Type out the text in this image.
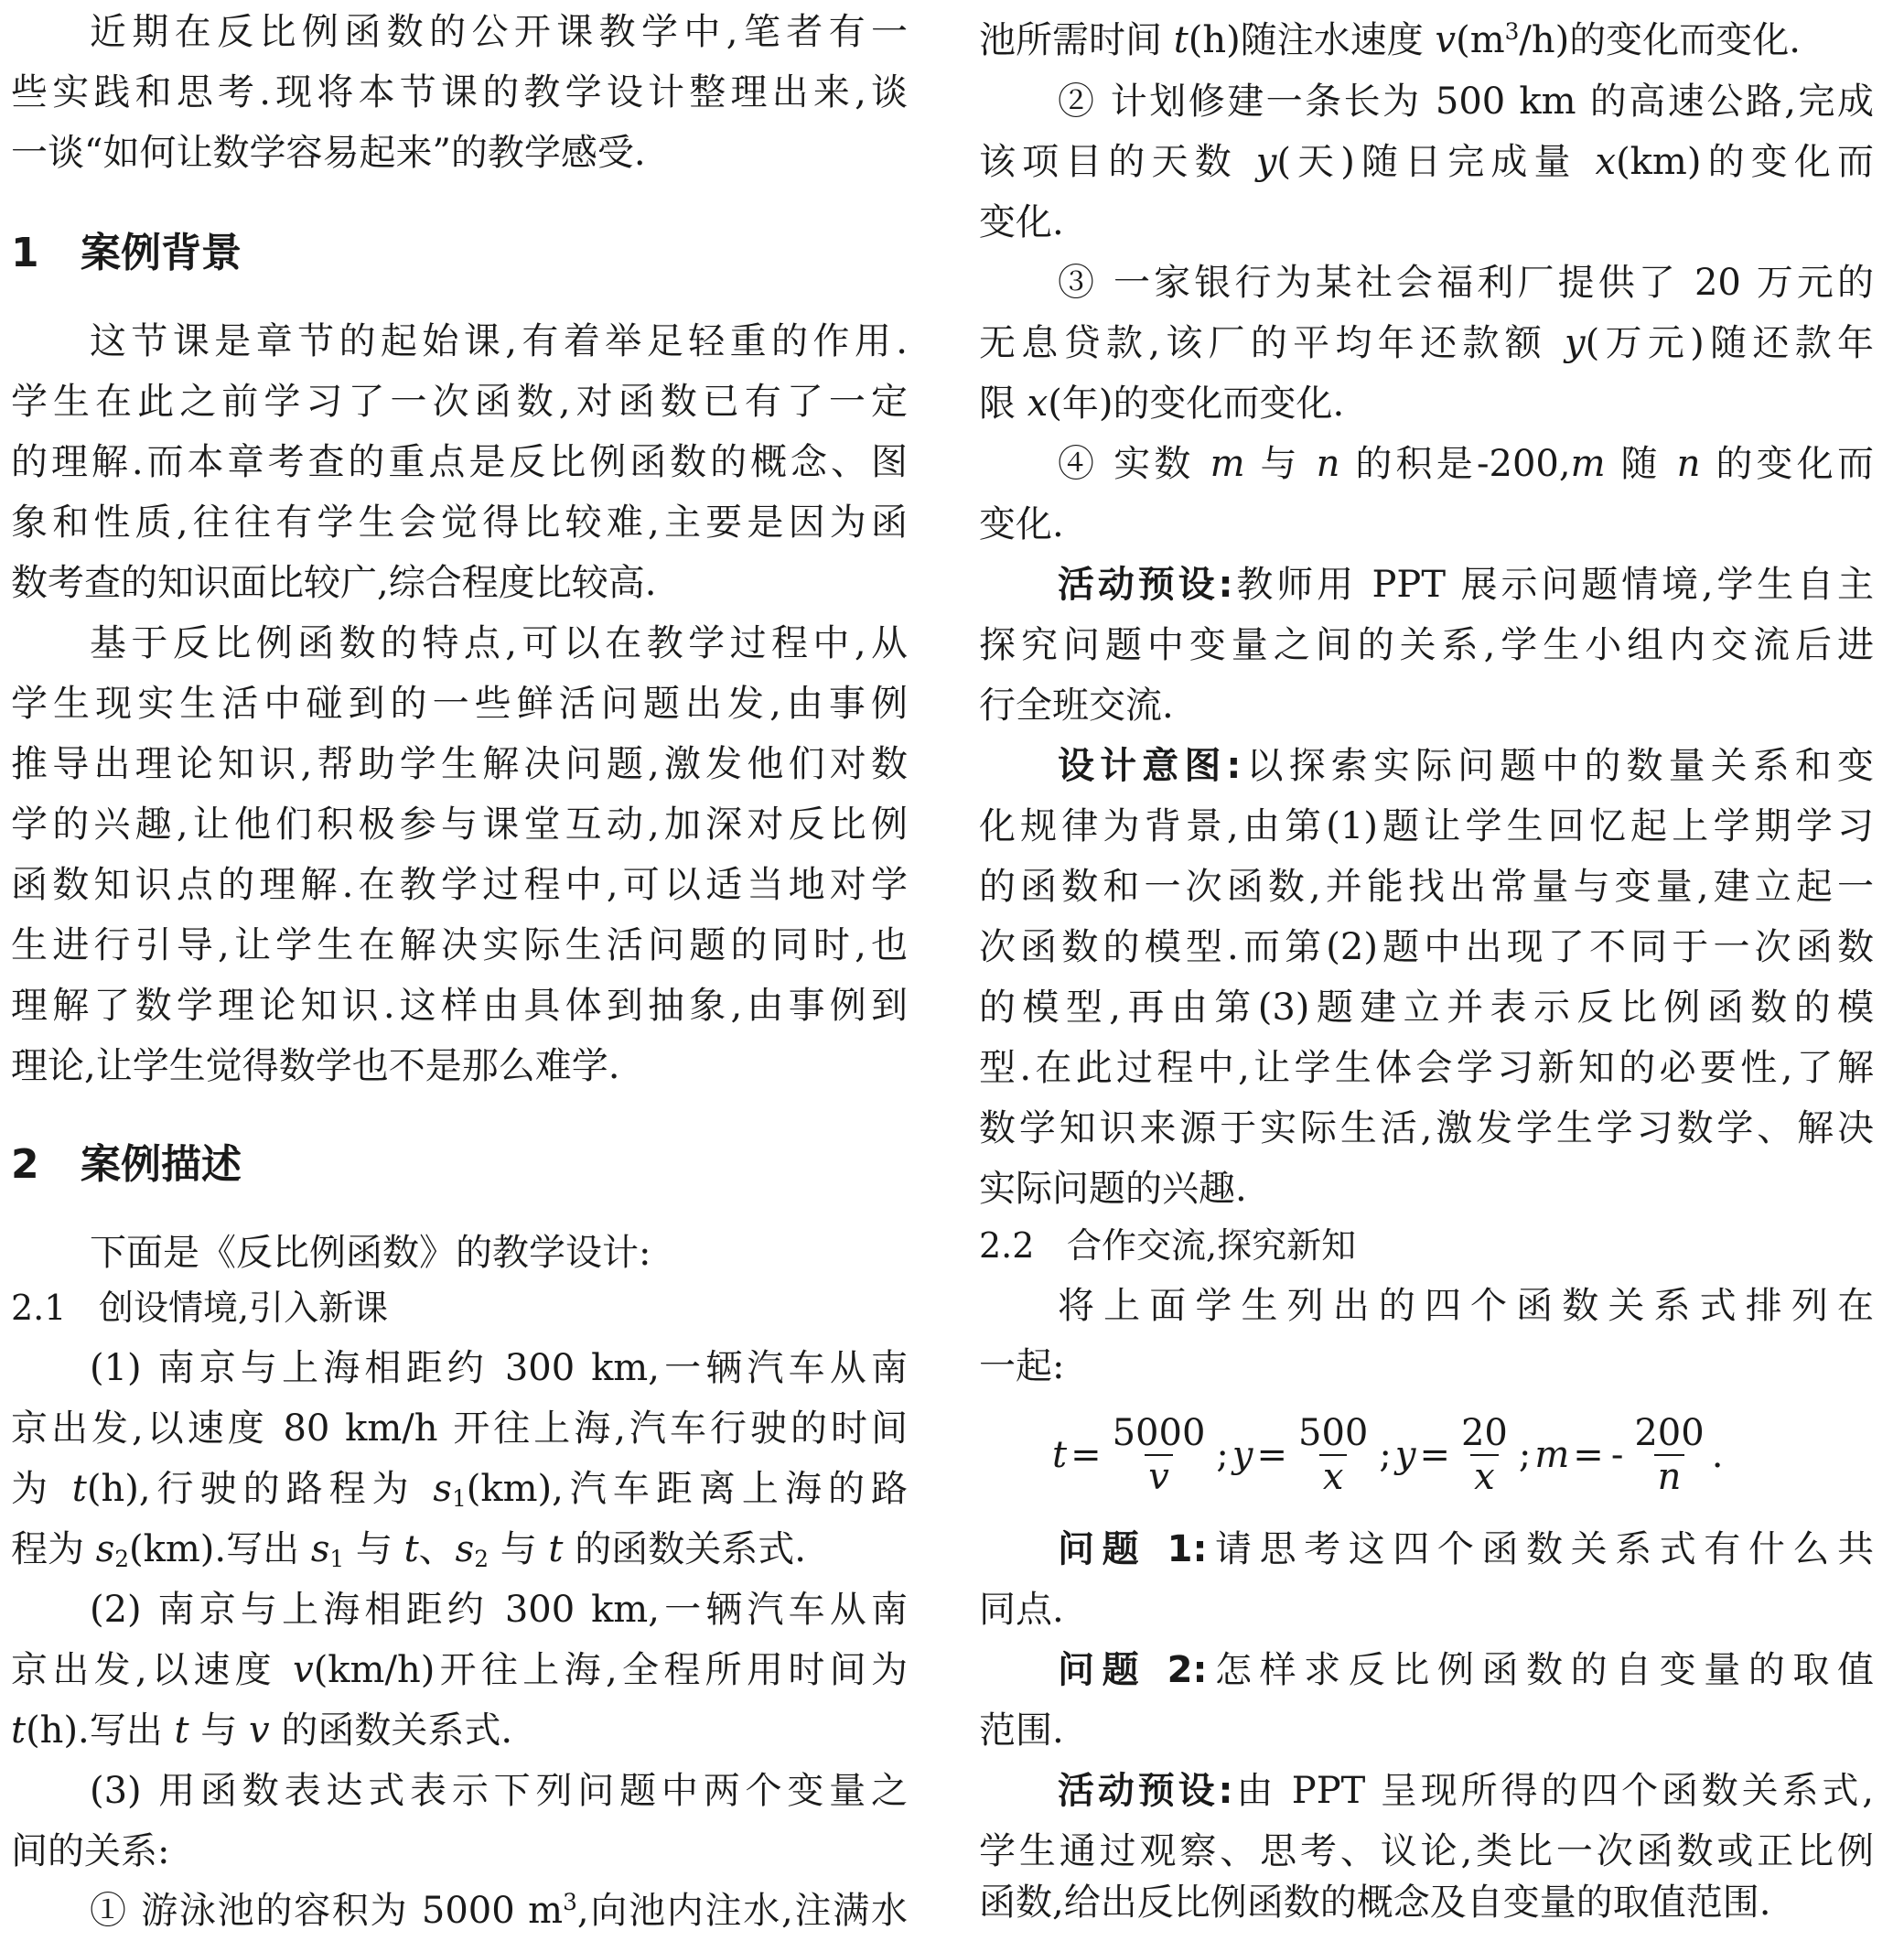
近期在反比例函数的公开课教学中,笔者有一
些实践和思考.现将本节课的教学设计整理出来,谈
一谈“如何让数学容易起来”的教学感受.
1 案例背景
这节课是章节的起始课,有着举足轻重的作用.
学生在此之前学习了一次函数,对函数已有了一定
的理解.而本章考查的重点是反比例函数的概念、图
象和性质,往往有学生会觉得比较难,主要是因为函
数考查的知识面比较广,综合程度比较高.
基于反比例函数的特点,可以在教学过程中,从
学生现实生活中碰到的一些鲜活问题出发,由事例
推导出理论知识,帮助学生解决问题,激发他们对数
学的兴趣,让他们积极参与课堂互动,加深对反比例
函数知识点的理解.在教学过程中,可以适当地对学
生进行引导,让学生在解决实际生活问题的同时,也
理解了数学理论知识.这样由具体到抽象,由事例到
理论,让学生觉得数学也不是那么难学.
2 案例描述
下面是《反比例函数》的教学设计:
2.1 创设情境,引入新课
(1) 南京与上海相距约 300 km,一辆汽车从南
京出发,以速度 80 km/h 开往上海,汽车行驶的时间
为 t(h),行驶的路程为 $s_1(km)$,汽车距离上海的路
程为 $s_2(km)$.写出 $s_1$ 与 t、$s_2$ 与 t 的函数关系式.
(2) 南京与上海相距约 300 km,一辆汽车从南
京出发,以速度 v(km/h)开往上海,全程所用时间为
t(h).写出 t 与 v 的函数关系式.
(3) 用函数表达式表示下列问题中两个变量之
间的关系:
① 游泳池的容积为 5000 $m^3$,向池内注水,注满水
池所需时间 t(h)随注水速度 $v(m^3/h)$的变化而变化.
② 计划修建一条长为 500 km 的高速公路,完成
该项目的天数 y(天)随日完成量 x(km)的变化而
变化.
③ 一家银行为某社会福利厂提供了 20 万元的
无息贷款,该厂的平均年还款额 y(万元)随还款年
限 x(年)的变化而变化.
④ 实数 m 与 n 的积是-200,m 随 n 的变化而
变化.
活动预设:教师用 PPT 展示问题情境,学生自主
探究问题中变量之间的关系,学生小组内交流后进
行全班交流.
设计意图:以探索实际问题中的数量关系和变
化规律为背景,由第(1)题让学生回忆起上学期学习
的函数和一次函数,并能找出常量与变量,建立起一
次函数的模型.而第(2)题中出现了不同于一次函数
的模型,再由第(3)题建立并表示反比例函数的模
型.在此过程中,让学生体会学习新知的必要性,了解
数学知识来源于实际生活,激发学生学习数学、解决
实际问题的兴趣.
2.2 合作交流,探究新知
将上面学生列出的四个函数关系式排列在
一起:
$t = \frac{5000}{v}$ ; $y = \frac{500}{x}$ ; $y = \frac{20}{x}$ ; m = - $\frac{200}{n}$ .
问题 1:请思考这四个函数关系式有什么共
同点.
问题 2:怎样求反比例函数的自变量的取值
范围.
活动预设:由 PPT 呈现所得的四个函数关系式,
学生通过观察、思考、议论,类比一次函数或正比例
函数,给出反比例函数的概念及自变量的取值范围.
